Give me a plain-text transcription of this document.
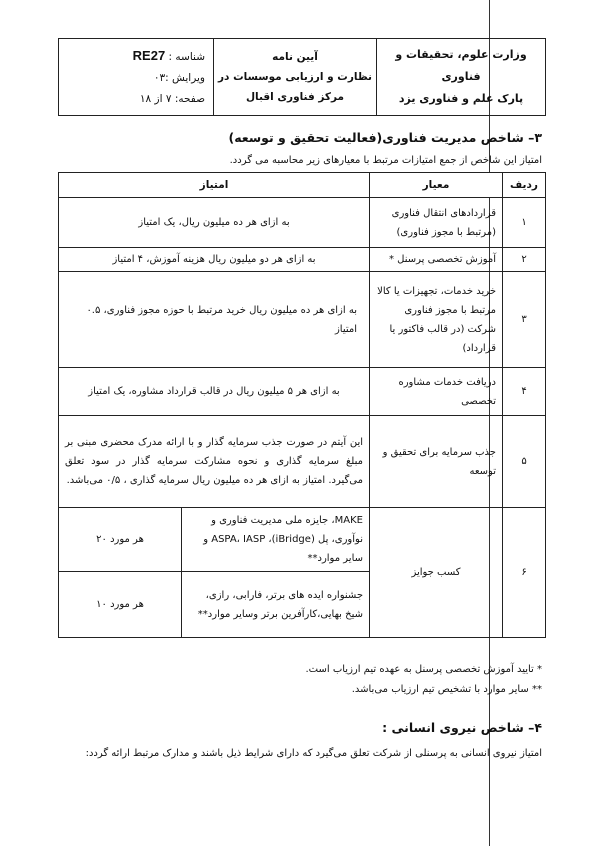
وزارت علوم، تحقیقات و فناوری
پارک علم و فناوری یزد

آیین نامه
نظارت و ارزیابی موسسات در
مرکز فناوری اقبال

شناسه : RE27
ویرایش :۰۳
صفحه: ۷ از ۱۸
۳– شاخص مدیریت فناوری(فعالیت تحقیق و توسعه)
امتیاز این شاخص از جمع امتیازات مرتبط با معیارهای زیر محاسبه می گردد.
ردیف	معیار	امتیاز	
۱	قراردادهای انتقال فناوری (مرتبط با مجوز فناوری)	به ازای هر ده میلیون ریال، یک امتیاز	
۲	آموزش تخصصی پرسنل *	به ازای هر دو میلیون ریال هزینه آموزش، ۴ امتیاز	
۳	خرید خدمات، تجهیزات یا کالا مرتبط با مجوز فناوری شرکت (در قالب فاکتور یا قرارداد)	به ازای هر ده میلیون ریال خرید مرتبط با حوزه مجوز فناوری، ۰.۵ امتیاز	
۴	دریافت خدمات مشاوره تخصصی	به ازای هر ۵ میلیون ریال در قالب قرارداد مشاوره، یک امتیاز	
۵	جذب سرمایه برای تحقیق و توسعه	این آیتم در صورت جذب سرمایه گذار و با ارائه مدرک محضری مبنی بر مبلغ سرمایه گذاری و نحوه مشارکت سرمایه گذار در سود تعلق می‌گیرد. امتیاز به ازای هر ده میلیون ریال سرمایه گذاری ، ۰/۵ می‌باشد.	
۶	کسب جوایز	MAKE، جایزه ملی مدیریت فناوری و نوآوری، پل (iBridge)، ASPA، IASP و سایر موارد**	هر مورد ۲۰
		جشنواره ایده های برتر، فارابی، رازی، شیخ بهایی،کارآفرین برتر وسایر موارد**	هر مورد ۱۰
* تایید آموزش تخصصی پرسنل به عهده تیم ارزیاب است.
** سایر موارد با تشخیص تیم ارزیاب می‌باشد.
۴– شاخص نیروی انسانی :
امتیاز نیروی انسانی به پرسنلی از شرکت تعلق می‌گیرد که دارای شرایط ذیل باشند و مدارک مرتبط ارائه گردد:
